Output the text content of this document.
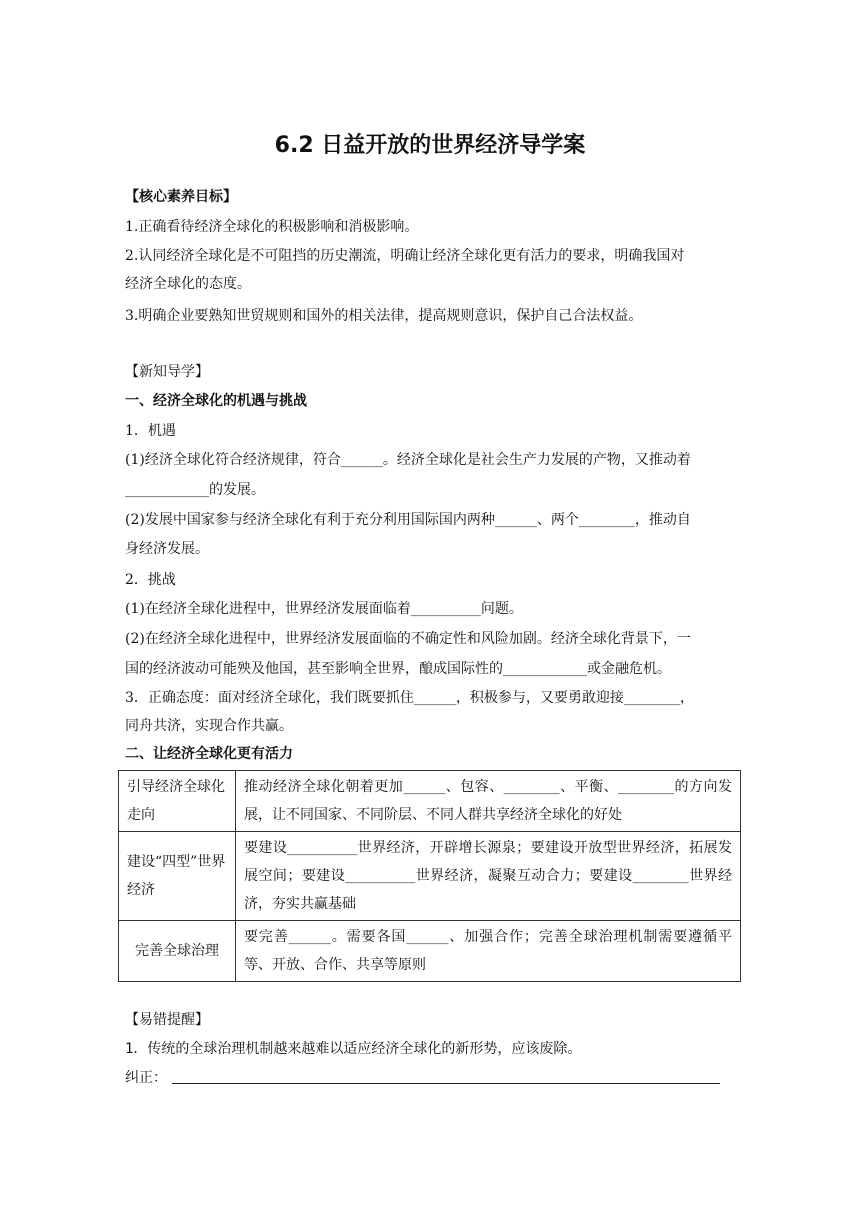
6.2 日益开放的世界经济导学案
【核心素养目标】
1.正确看待经济全球化的积极影响和消极影响。
2.认同经济全球化是不可阻挡的历史潮流，明确让经济全球化更有活力的要求，明确我国对
经济全球化的态度。
3.明确企业要熟知世贸规则和国外的相关法律，提高规则意识，保护自己合法权益。
【新知导学】
一、经济全球化的机遇与挑战
1．机遇
(1)经济全球化符合经济规律，符合______。经济全球化是社会生产力发展的产物，又推动着
____________的发展。
(2)发展中国家参与经济全球化有利于充分利用国际国内两种______、两个________，推动自
身经济发展。
2．挑战
(1)在经济全球化进程中，世界经济发展面临着__________问题。
(2)在经济全球化进程中，世界经济发展面临的不确定性和风险加剧。经济全球化背景下，一
国的经济波动可能殃及他国，甚至影响全世界，酿成国际性的____________或金融危机。
3．正确态度：面对经济全球化，我们既要抓住______，积极参与，又要勇敢迎接________，
同舟共济，实现合作共赢。
二、让经济全球化更有活力
引导经济全球化走向	推动经济全球化朝着更加______、包容、________、平衡、________的方向发展，让不同国家、不同阶层、不同人群共享经济全球化的好处
建设“四型”世界经济	要建设__________世界经济，开辟增长源泉；要建设开放型世界经济，拓展发展空间；要建设__________世界经济，凝聚互动合力；要建设________世界经济，夯实共赢基础
完善全球治理	要完善______。需要各国______、加强合作；完善全球治理机制需要遵循平等、开放、合作、共享等原则
【易错提醒】
1．传统的全球治理机制越来越难以适应经济全球化的新形势，应该废除。
纠正：
